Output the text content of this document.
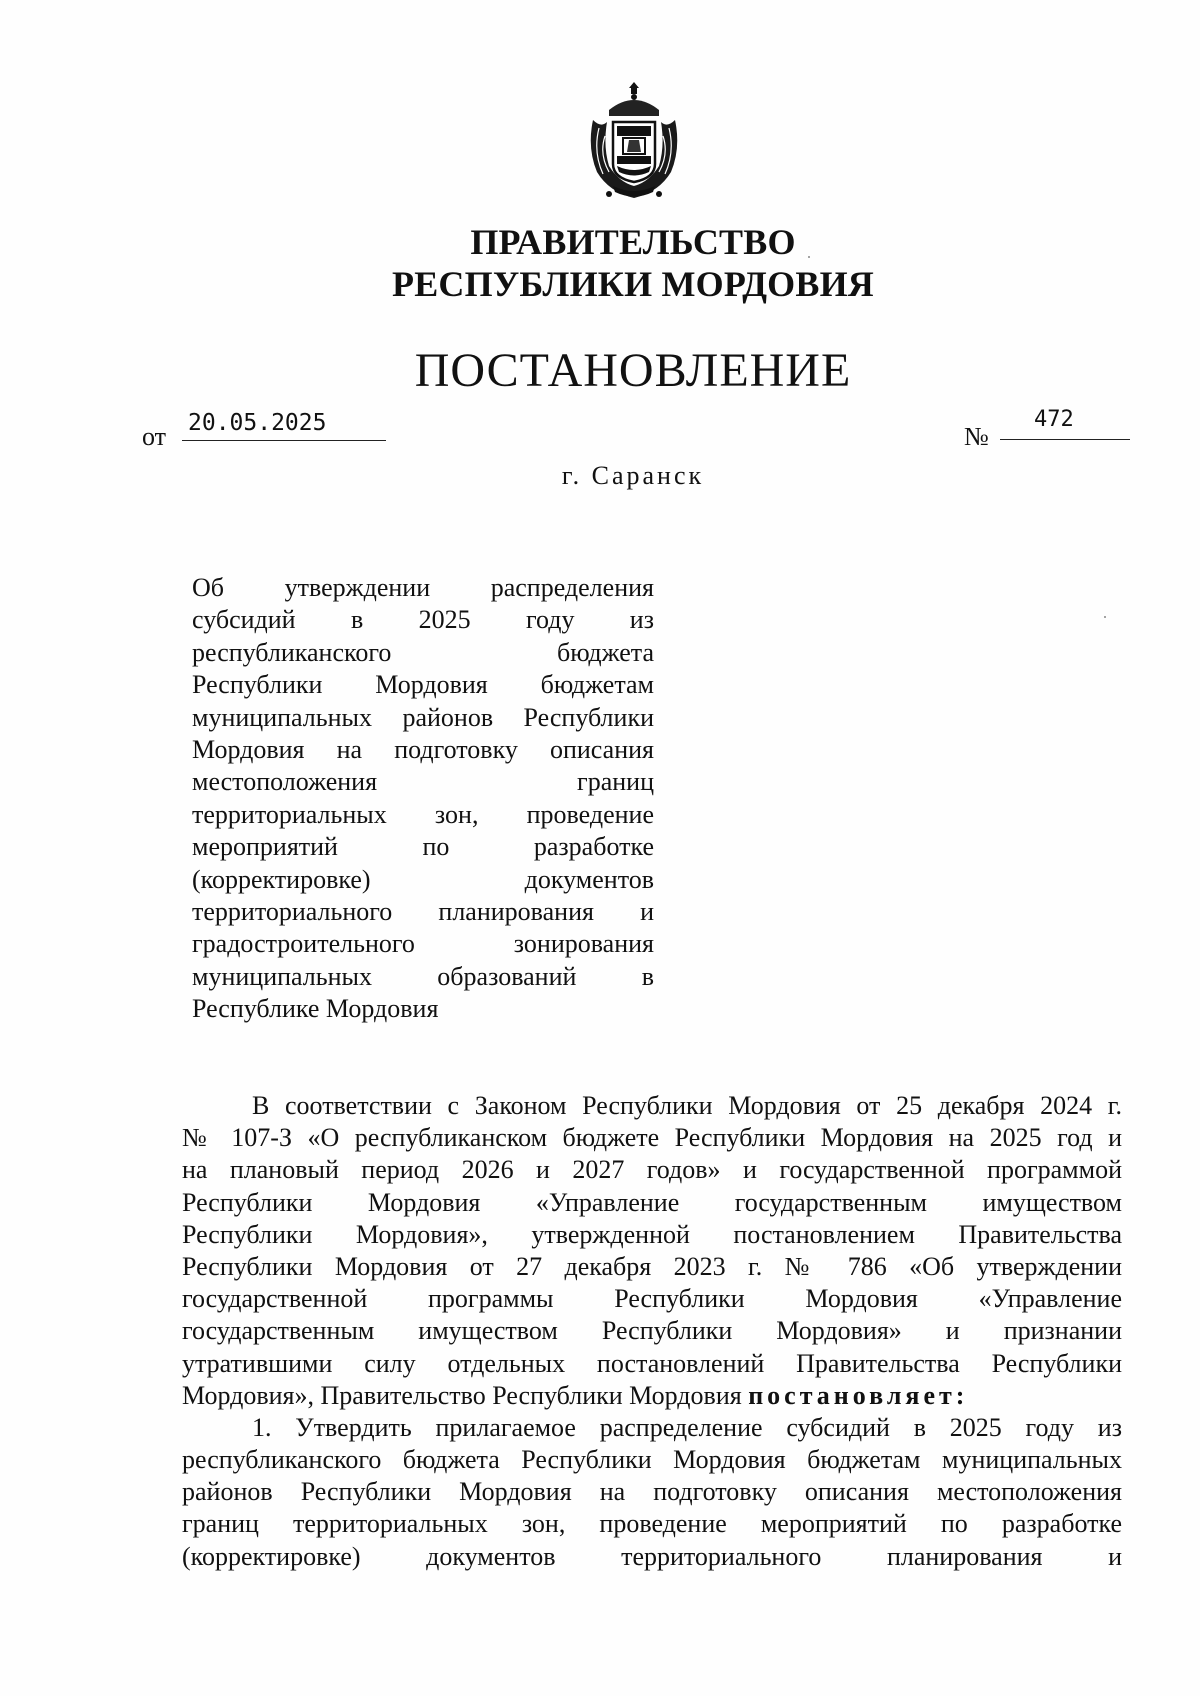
ПРАВИТЕЛЬСТВО
РЕСПУБЛИКИ МОРДОВИЯ
ПОСТАНОВЛЕНИЕ
от 20.05.2025	№
472
г. Саранск
Об утверждении распределения
субсидий в 2025 году из
республиканского бюджета
Республики Мордовия бюджетам
муниципальных районов Республики
Мордовия на подготовку описания
местоположения границ
территориальных зон, проведение
мероприятий по разработке
(корректировке) документов
территориального планирования и
градостроительного зонирования
муниципальных образований в
Республике Мордовия
В соответствии с Законом Республики Мордовия от 25 декабря 2024 г.
№ 107-З «О республиканском бюджете Республики Мордовия на 2025 год и
на плановый период 2026 и 2027 годов» и государственной программой
Республики Мордовия «Управление государственным имуществом
Республики Мордовия», утвержденной постановлением Правительства
Республики Мордовия от 27 декабря 2023 г. № 786 «Об утверждении
государственной программы Республики Мордовия «Управление
государственным имуществом Республики Мордовия» и признании
утратившими силу отдельных постановлений Правительства Республики
Мордовия», Правительство Республики Мордовия постановляет:
1. Утвердить прилагаемое распределение субсидий в 2025 году из
республиканского бюджета Республики Мордовия бюджетам муниципальных
районов Республики Мордовия на подготовку описания местоположения
границ территориальных зон, проведение мероприятий по разработке
(корректировке) документов территориального планирования и
